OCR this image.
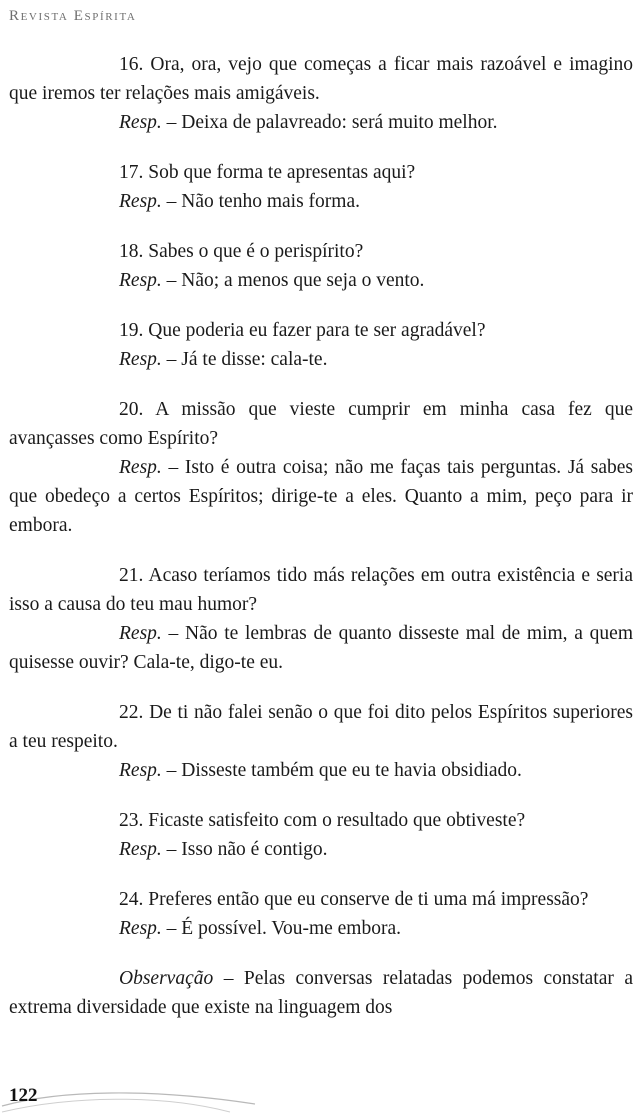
Revista Espírita

16. Ora, ora, vejo que começas a ficar mais razoável e imagino que iremos ter relações mais amigáveis.

Resp. – Deixa de palavreado: será muito melhor.

17. Sob que forma te apresentas aqui?

Resp. – Não tenho mais forma.

18. Sabes o que é o perispírito?

Resp. – Não; a menos que seja o vento.

19. Que poderia eu fazer para te ser agradável?

Resp. – Já te disse: cala-te.

20. A missão que vieste cumprir em minha casa fez que avançasses como Espírito?

Resp. – Isto é outra coisa; não me faças tais perguntas. Já sabes que obedeço a certos Espíritos; dirige-te a eles. Quanto a mim, peço para ir embora.

21. Acaso teríamos tido más relações em outra existência e seria isso a causa do teu mau humor?

Resp. – Não te lembras de quanto disseste mal de mim, a quem quisesse ouvir? Cala-te, digo-te eu.

22. De ti não falei senão o que foi dito pelos Espíritos superiores a teu respeito.

Resp. – Disseste também que eu te havia obsidiado.

23. Ficaste satisfeito com o resultado que obtiveste?

Resp. – Isso não é contigo.

24. Preferes então que eu conserve de ti uma má impressão?

Resp. – É possível. Vou-me embora.

Observação – Pelas conversas relatadas podemos constatar a extrema diversidade que existe na linguagem dos

122
